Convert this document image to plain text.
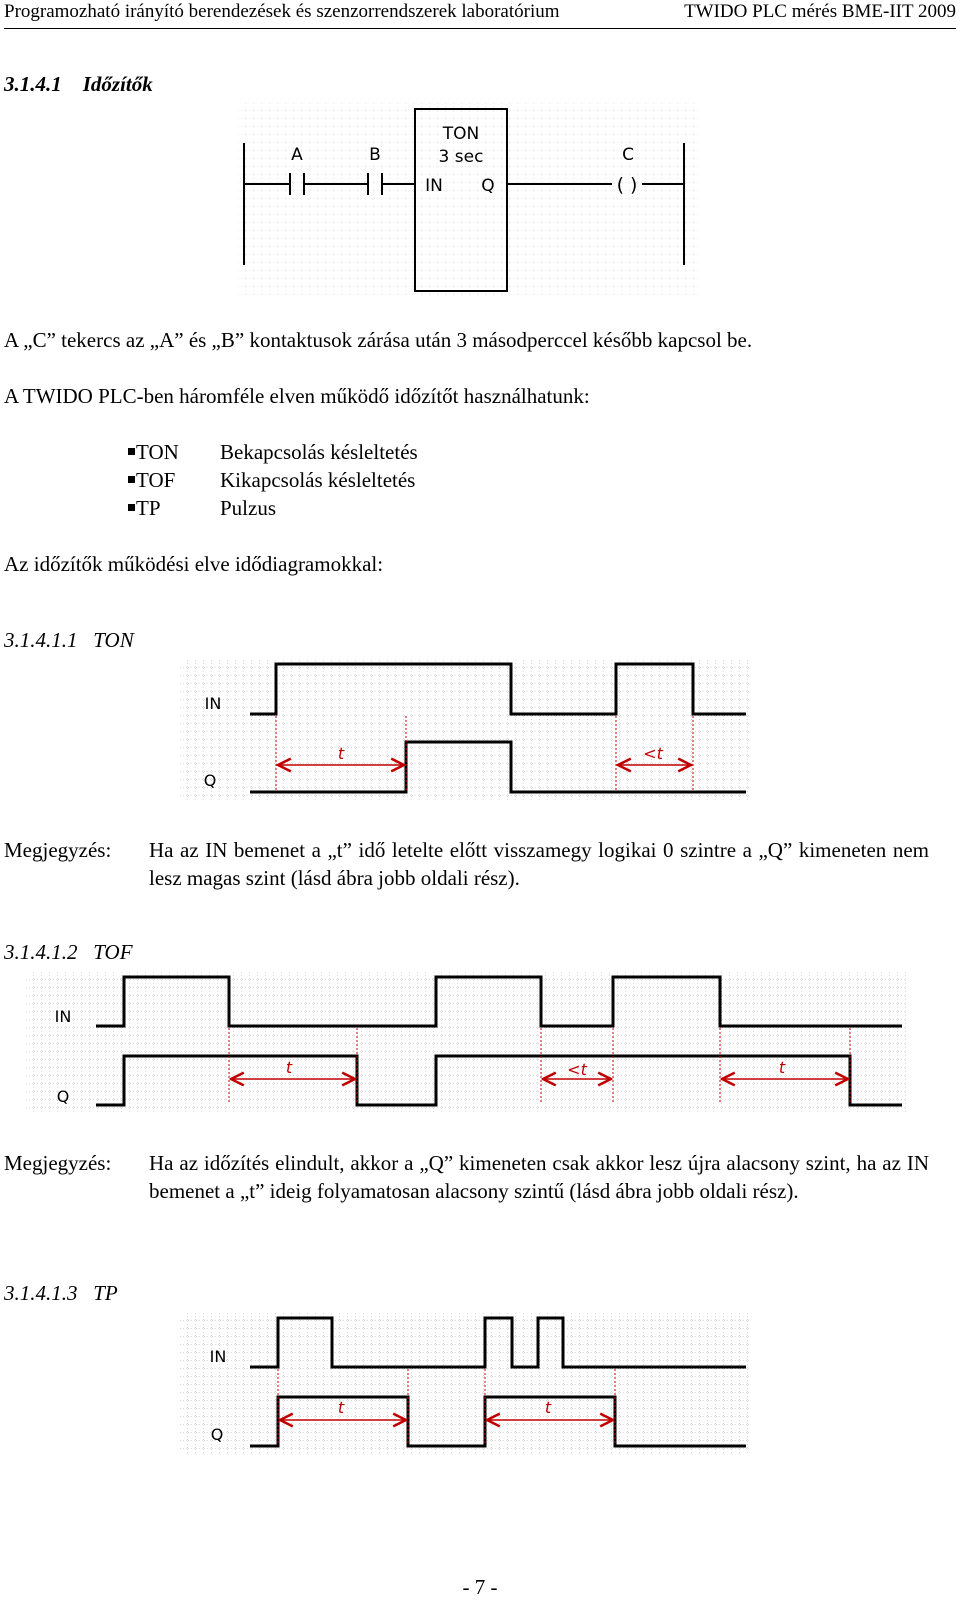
Programozható irányító berendezések és szenzorrendszerek laboratórium	TWIDO PLC mérés BME-IIT 2009
3.1.4.1 Időzítők
A	B
TON
3 sec
IN Q
C
( )
A „C” tekercs az „A” és „B” kontaktusok zárása után 3 másodperccel később kapcsol be.
A TWIDO PLC-ben háromféle elven működő időzítőt használhatunk:
TON Bekapcsolás késleltetés
TOF Kikapcsolás késleltetés
TP	Pulzus
Az időzítők működési elve idődiagramokkal:
3.1.4.1.1 TON
IN
Q
t	<t
Megjegyzés: Ha az IN bemenet a „t” idő letelte előtt visszamegy logikai 0 szintre a „Q” kimeneten nem lesz magas szint (lásd ábra jobb oldali rész).
3.1.4.1.2 TOF
IN
Q
t	<t	t
Megjegyzés: Ha az időzítés elindult, akkor a „Q” kimeneten csak akkor lesz újra alacsony szint, ha az IN bemenet a „t” ideig folyamatosan alacsony szintű (lásd ábra jobb oldali rész).
3.1.4.1.3 TP
IN
Q
t	t
- 7 -
